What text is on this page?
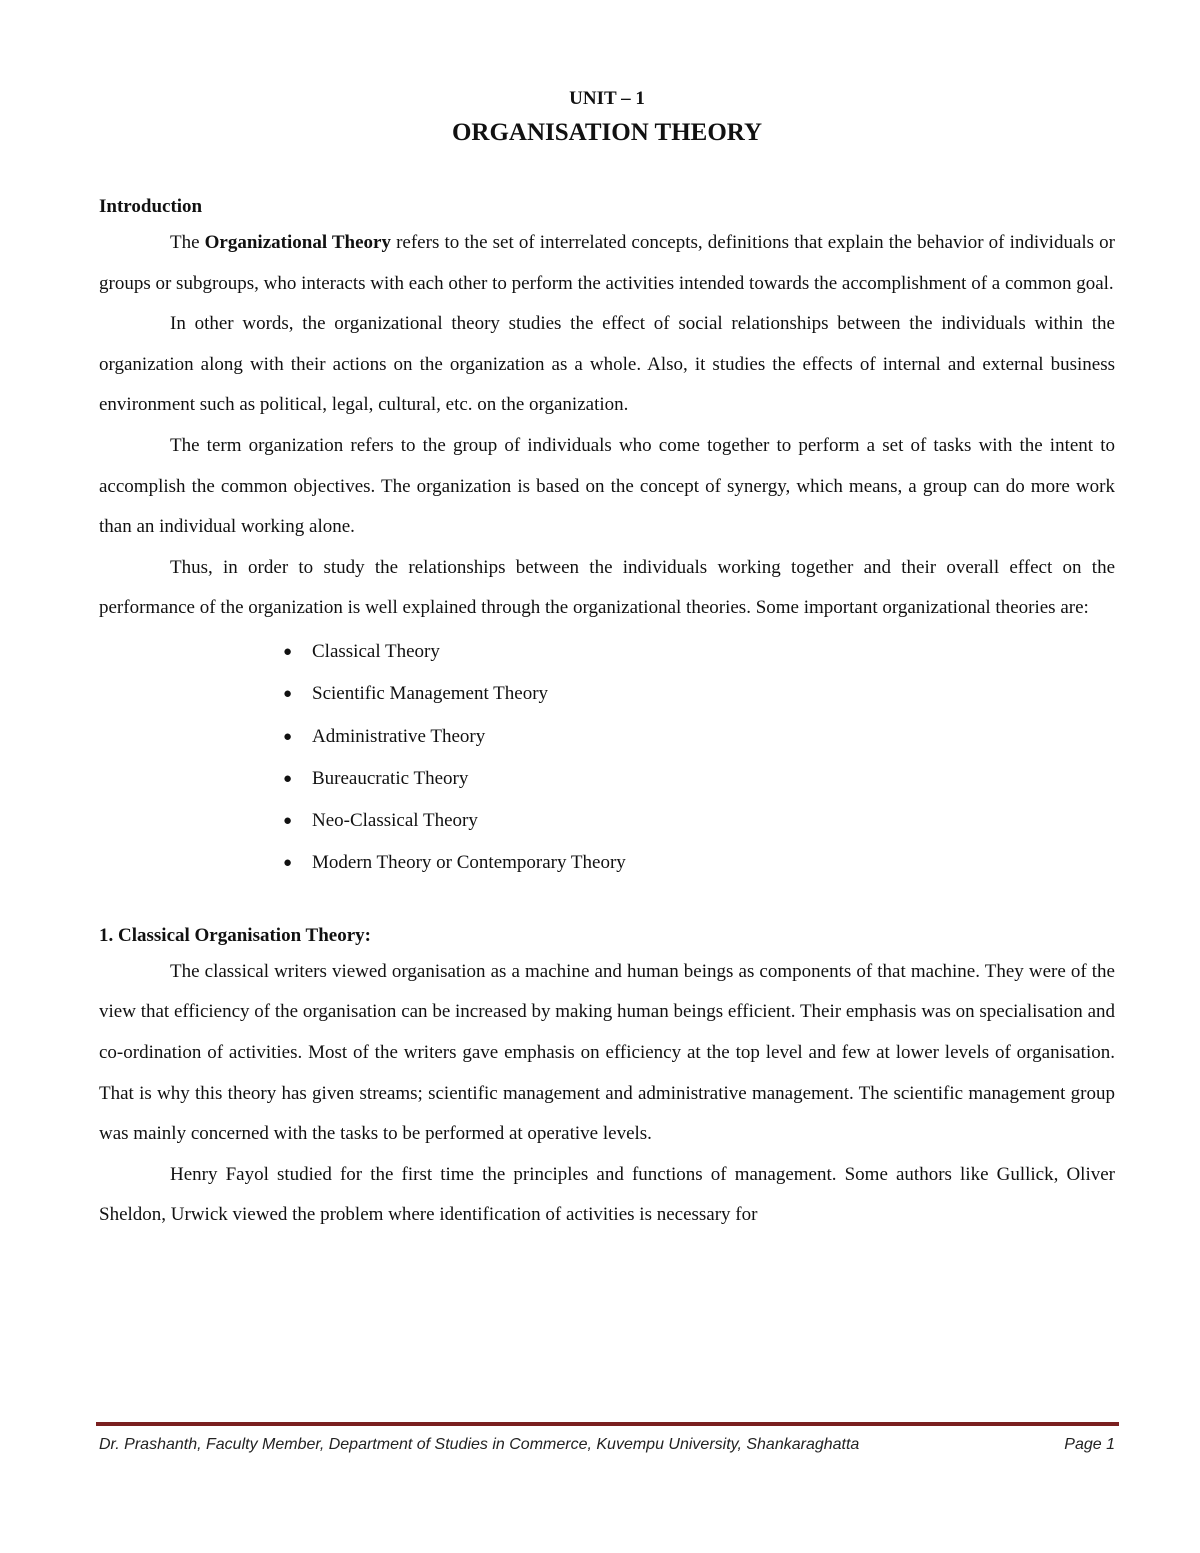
UNIT – 1
ORGANISATION THEORY
Introduction

The Organizational Theory refers to the set of interrelated concepts, definitions that explain the behavior of individuals or groups or subgroups, who interacts with each other to perform the activities intended towards the accomplishment of a common goal.

In other words, the organizational theory studies the effect of social relationships between the individuals within the organization along with their actions on the organization as a whole. Also, it studies the effects of internal and external business environment such as political, legal, cultural, etc. on the organization.

The term organization refers to the group of individuals who come together to perform a set of tasks with the intent to accomplish the common objectives. The organization is based on the concept of synergy, which means, a group can do more work than an individual working alone.

Thus, in order to study the relationships between the individuals working together and their overall effect on the performance of the organization is well explained through the organizational theories. Some important organizational theories are:

● Classical Theory
● Scientific Management Theory
● Administrative Theory
● Bureaucratic Theory
● Neo-Classical Theory
● Modern Theory or Contemporary Theory
1. Classical Organisation Theory:

The classical writers viewed organisation as a machine and human beings as components of that machine. They were of the view that efficiency of the organisation can be increased by making human beings efficient. Their emphasis was on specialisation and co-ordination of activities. Most of the writers gave emphasis on efficiency at the top level and few at lower levels of organisation. That is why this theory has given streams; scientific management and administrative management. The scientific management group was mainly concerned with the tasks to be performed at operative levels.

Henry Fayol studied for the first time the principles and functions of management. Some authors like Gullick, Oliver Sheldon, Urwick viewed the problem where identification of activities is necessary for

Dr. Prashanth, Faculty Member, Department of Studies in Commerce, Kuvempu University, Shankaraghatta	Page 1
